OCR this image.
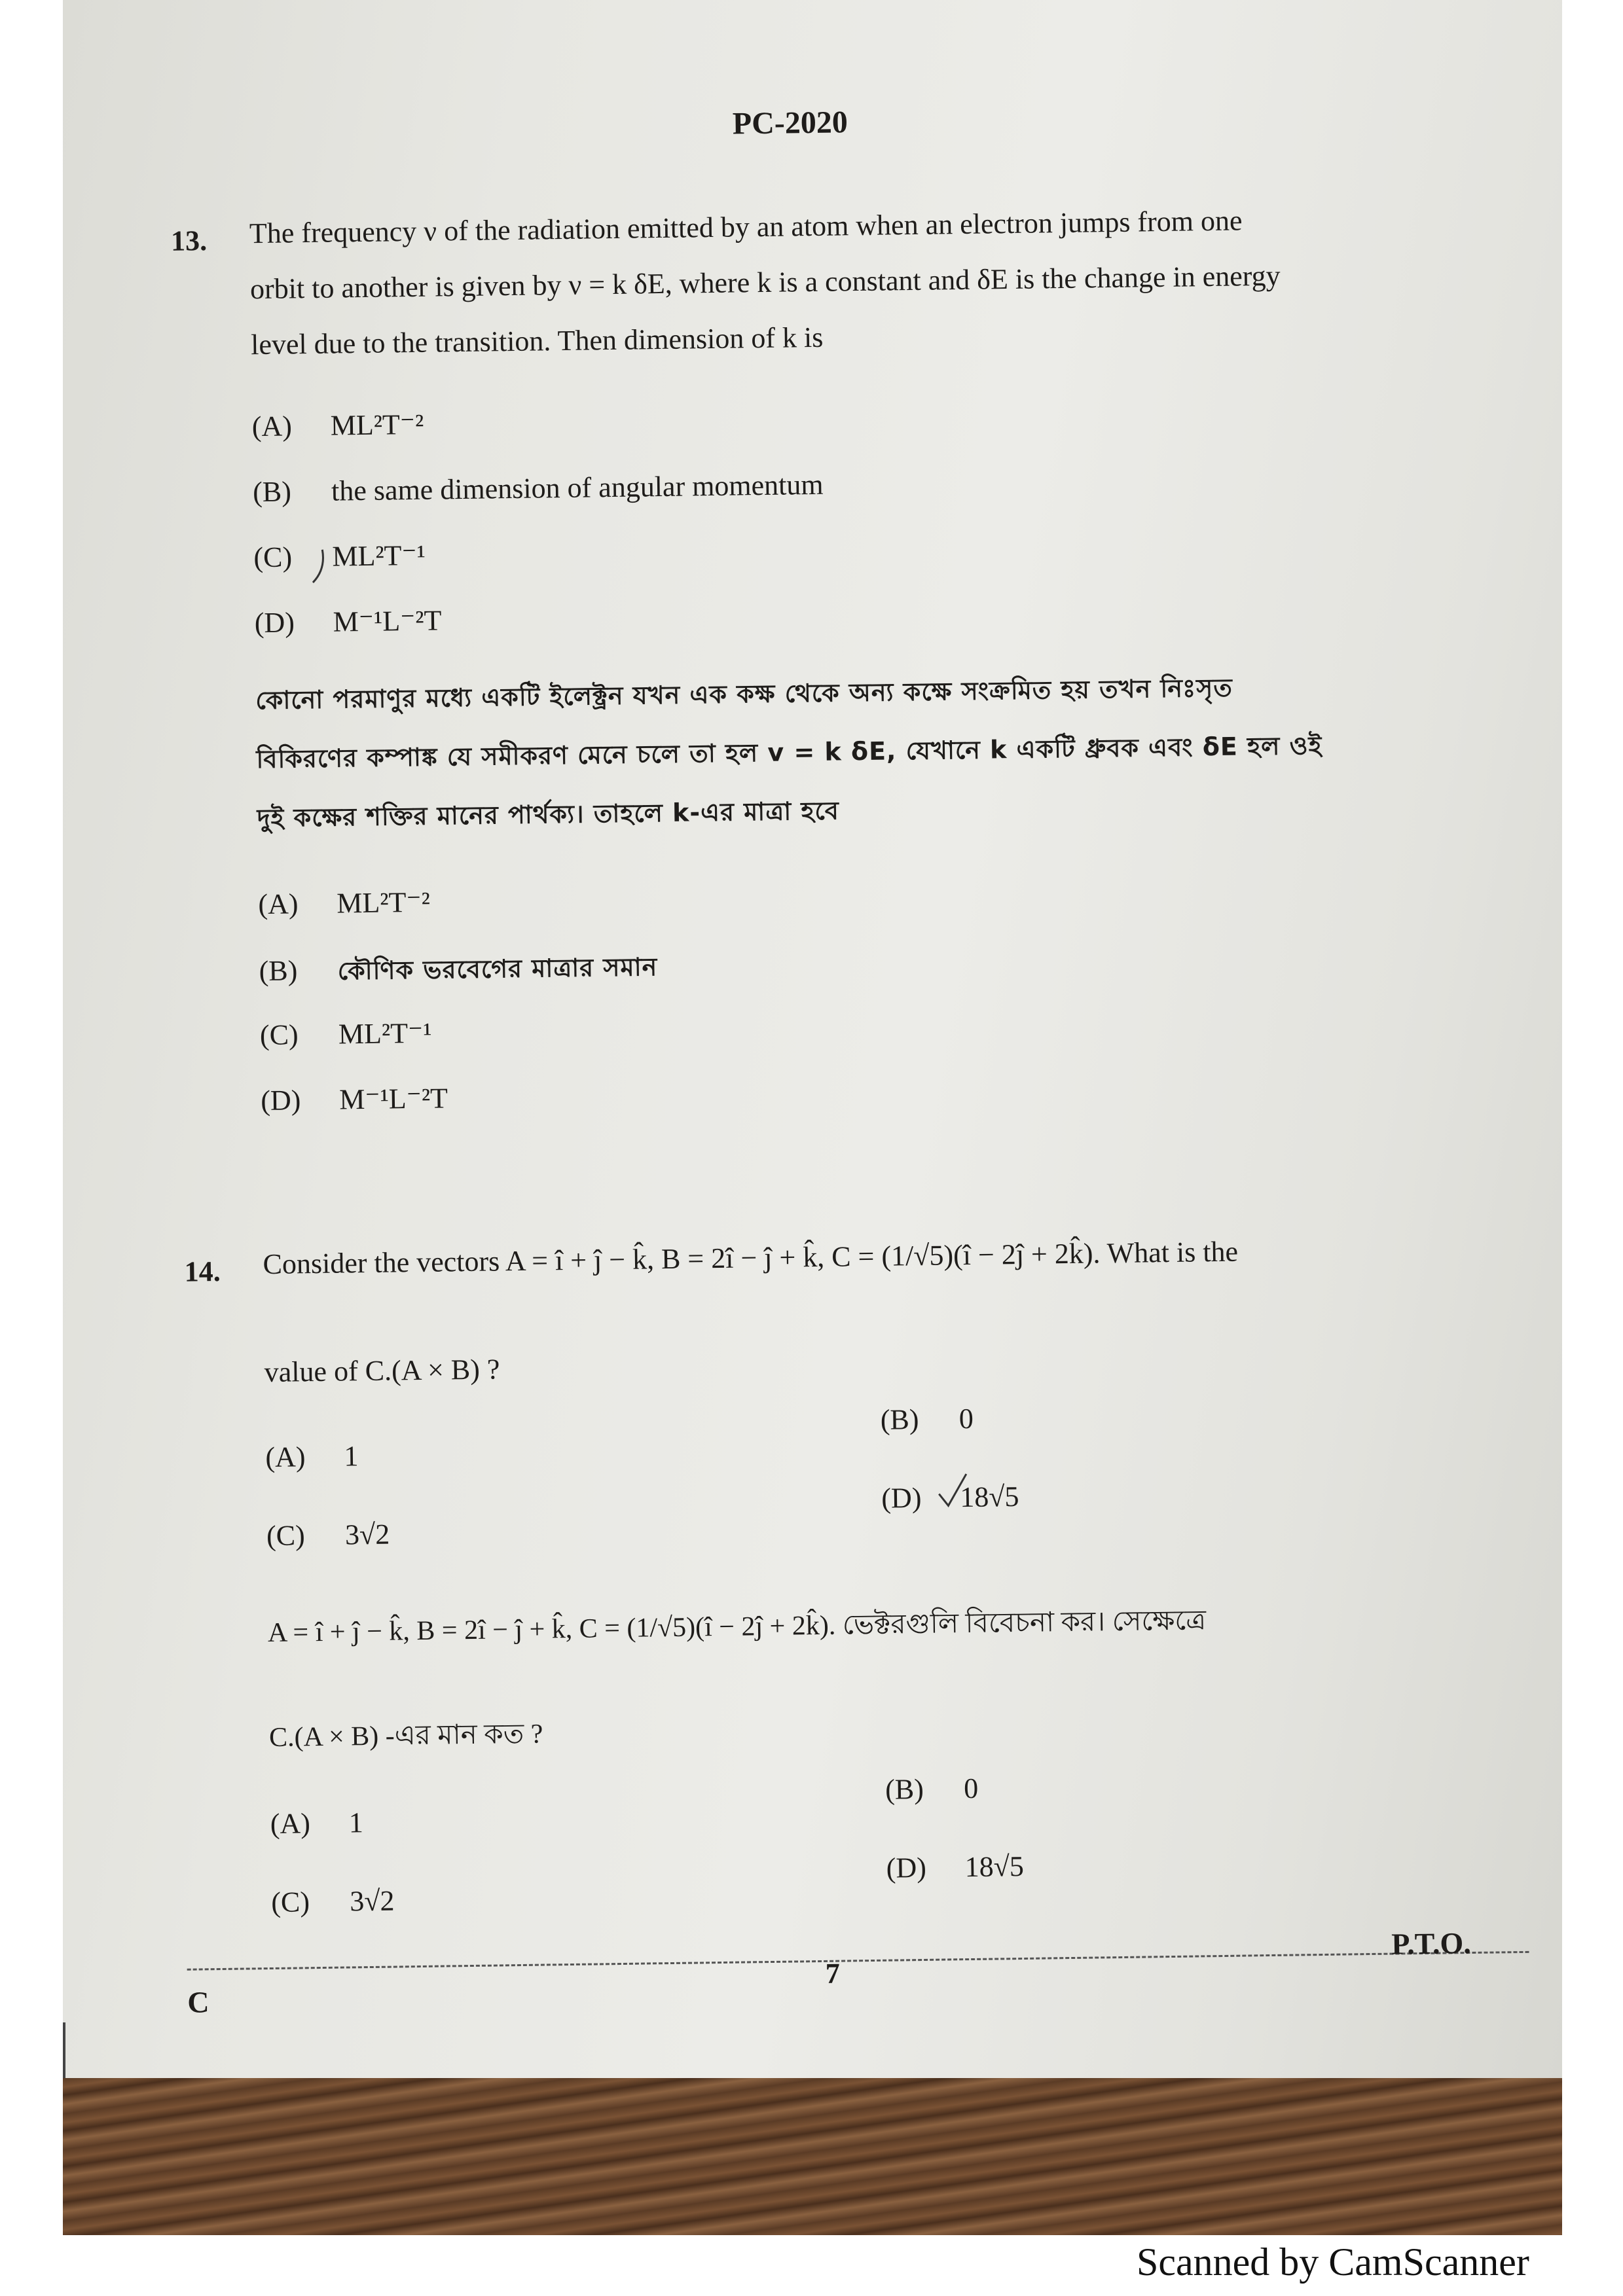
PC-2020
13. The frequency ν of the radiation emitted by an atom when an electron jumps from one
orbit to another is given by ν = k δE, where k is a constant and δE is the change in energy
level due to the transition. Then dimension of k is
(A) ML²T⁻²
(B) the same dimension of angular momentum
(C) ML²T⁻¹
(D) M⁻¹L⁻²T
কোনো পরমাণুর মধ্যে একটি ইলেক্ট্রন যখন এক কক্ষ থেকে অন্য কক্ষে সংক্রমিত হয় তখন নিঃসৃত
বিকিরণের কম্পাঙ্ক যে সমীকরণ মেনে চলে তা হল v = k δE, যেখানে k একটি ধ্রুবক এবং δE হল ওই
দুই কক্ষের শক্তির মানের পার্থক্য। তাহলে k-এর মাত্রা হবে
(A) ML²T⁻²
(B) কৌণিক ভরবেগের মাত্রার সমান
(C) ML²T⁻¹
(D) M⁻¹L⁻²T
14. Consider the vectors A = î + ĵ − k̂, B = 2î − ĵ + k̂, C = (1/√5)(î − 2ĵ + 2k̂). What is the
value of C.(A × B) ?
(A) 1
(B) 0
(C) 3√2
(D) 18√5
A = î + ĵ − k̂, B = 2î − ĵ + k̂, C = (1/√5)(î − 2ĵ + 2k̂). ভেক্টরগুলি বিবেচনা কর। সেক্ষেত্রে
C.(A × B) -এর মান কত ?
(A) 1
(B) 0
(C) 3√2
(D) 18√5
C
7
P.T.O.
Scanned by CamScanner
